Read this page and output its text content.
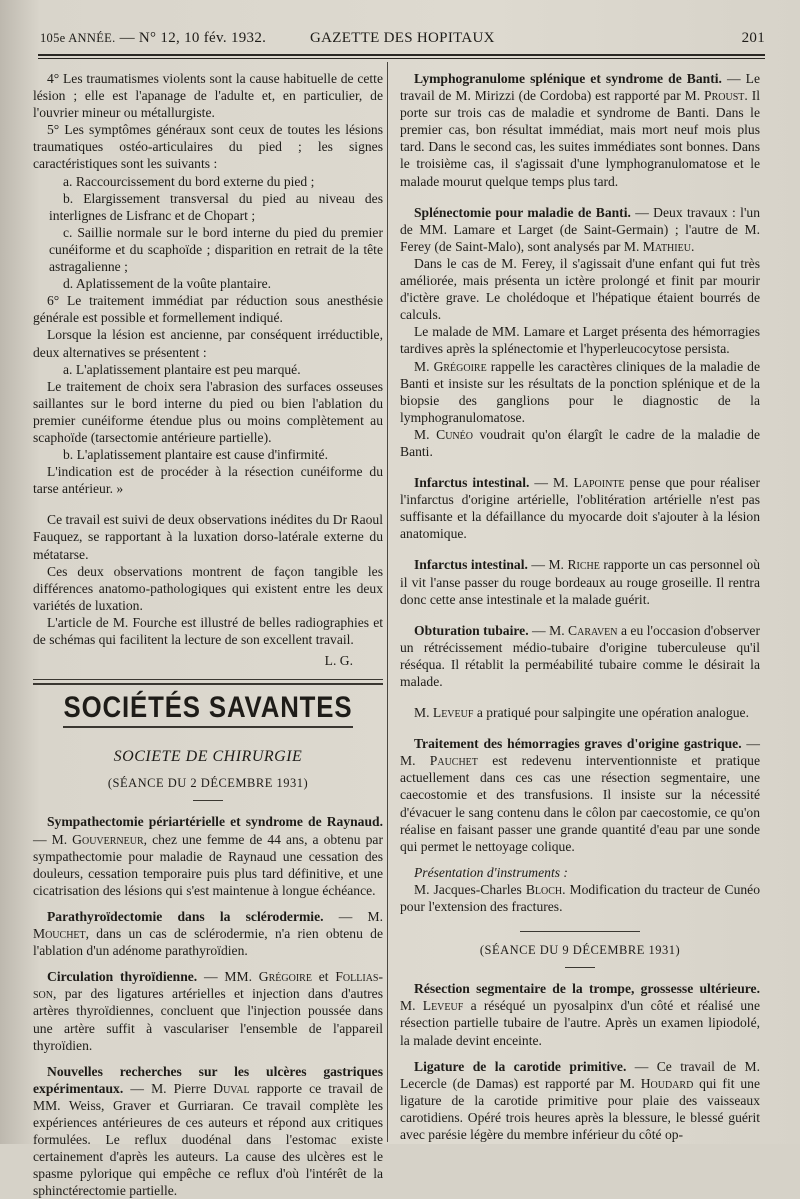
105e ANNÉE. — N° 12, 10 fév. 1932.	GAZETTE DES HOPITAUX	201

4° Les traumatismes violents sont la cause habituelle de cette lésion ; elle est l'apanage de l'adulte et, en particulier, de l'ouvrier mineur ou métallurgiste.

5° Les symptômes généraux sont ceux de toutes les lésions traumatiques ostéo-articulaires du pied ; les signes caractéristiques sont les suivants :

a. Raccourcissement du bord externe du pied ;

b. Elargissement transversal du pied au niveau des interlignes de Lisfranc et de Chopart ;

c. Saillie normale sur le bord interne du pied du premier cunéiforme et du scaphoïde ; disparition en retrait de la tête astragalienne ;

d. Aplatissement de la voûte plantaire.

6° Le traitement immédiat par réduction sous anesthésie générale est possible et formellement indiqué.

Lorsque la lésion est ancienne, par conséquent irréductible, deux alternatives se présentent :

a. L'aplatissement plantaire est peu marqué.

Le traitement de choix sera l'abrasion des surfaces osseuses saillantes sur le bord interne du pied ou bien l'ablation du premier cunéiforme étendue plus ou moins complètement au scaphoïde (tarsectomie antérieure partielle).

b. L'aplatissement plantaire est cause d'infirmité.

L'indication est de procéder à la résection cunéiforme du tarse antérieur. »

Ce travail est suivi de deux observations inédites du Dr Raoul Fauquez, se rapportant à la luxation dorso-latérale externe du métatarse.

Ces deux observations montrent de façon tangible les différences anatomo-pathologiques qui existent entre les deux variétés de luxation.

L'article de M. Fourche est illustré de belles radiographies et de schémas qui facilitent la lecture de son excellent travail.

L. G.
SOCIÉTÉS SAVANTES
SOCIETE DE CHIRURGIE
(SÉANCE DU 2 DÉCEMBRE 1931)

Sympathectomie périartérielle et syndrome de Raynaud. — M. Gouverneur, chez une femme de 44 ans, a obtenu par sympathectomie pour maladie de Raynaud une cessation des douleurs, cessation temporaire puis plus tard définitive, et une cicatrisation des lésions qui s'est maintenue à longue échéance.

Parathyroïdectomie dans la sclérodermie. — M. Mouchet, dans un cas de sclérodermie, n'a rien obtenu de l'ablation d'un adénome parathyroïdien.

Circulation thyroïdienne. — MM. Grégoire et Follias-son, par des ligatures artérielles et injection dans d'autres artères thyroïdiennes, concluent que l'injection poussée dans une artère suffit à vasculariser l'ensemble de l'appareil thyroïdien.

Nouvelles recherches sur les ulcères gastriques expérimentaux. — M. Pierre Duval rapporte ce travail de MM. Weiss, Graver et Gurriaran. Ce travail complète les expériences antérieures de ces auteurs et répond aux critiques formulées. Le reflux duodénal dans l'estomac existe certainement d'après les auteurs. La cause des ulcères est le spasme pylorique qui empêche ce reflux d'où l'intérêt de la sphinctérectomie partielle.

Lymphogranulome splénique et syndrome de Banti. — Le travail de M. Mirizzi (de Cordoba) est rapporté par M. Proust. Il porte sur trois cas de maladie et syndrome de Banti. Dans le premier cas, bon résultat immédiat, mais mort neuf mois plus tard. Dans le second cas, les suites immédiates sont bonnes. Dans le troisième cas, il s'agissait d'une lymphogranulomatose et le malade mourut quelque temps plus tard.

Splénectomie pour maladie de Banti. — Deux travaux : l'un de MM. Lamare et Larget (de Saint-Germain) ; l'autre de M. Ferey (de Saint-Malo), sont analysés par M. Mathieu.

Dans le cas de M. Ferey, il s'agissait d'une enfant qui fut très améliorée, mais présenta un ictère prolongé et finit par mourir d'ictère grave. Le cholédoque et l'hépatique étaient bourrés de calculs.

Le malade de MM. Lamare et Larget présenta des hémorragies tardives après la splénectomie et l'hyperleucocytose persista.

M. Grégoire rappelle les caractères cliniques de la maladie de Banti et insiste sur les résultats de la ponction splénique et de la biopsie des ganglions pour le diagnostic de la lymphogranulomatose.

M. Cunéo voudrait qu'on élargît le cadre de la maladie de Banti.

Infarctus intestinal. — M. Lapointe pense que pour réaliser l'infarctus d'origine artérielle, l'oblitération artérielle n'est pas suffisante et la défaillance du myocarde doit s'ajouter à la lésion anatomique.

Infarctus intestinal. — M. Riche rapporte un cas personnel où il vit l'anse passer du rouge bordeaux au rouge groseille. Il rentra donc cette anse intestinale et la malade guérit.

Obturation tubaire. — M. Caraven a eu l'occasion d'observer un rétrécissement médio-tubaire d'origine tuberculeuse qu'il réséqua. Il rétablit la perméabilité tubaire comme le désirait la malade.

M. Leveuf a pratiqué pour salpingite une opération analogue.

Traitement des hémorragies graves d'origine gastrique. — M. Pauchet est redevenu interventionniste et pratique actuellement dans ces cas une résection segmentaire, une caecostomie et des transfusions. Il insiste sur la nécessité d'évacuer le sang contenu dans le côlon par caecostomie, ce qu'on réalise en faisant passer une grande quantité d'eau par une sonde qui permet le nettoyage colique.

Présentation d'instruments :

M. Jacques-Charles Bloch. Modification du tracteur de Cunéo pour l'extension des fractures.

(SÉANCE DU 9 DÉCEMBRE 1931)

Résection segmentaire de la trompe, grossesse ultérieure. M. Leveuf a réséqué un pyosalpinx d'un côté et réalisé une résection partielle tubaire de l'autre. Après un examen lipiodolé, la malade devint enceinte.

Ligature de la carotide primitive. — Ce travail de M. Lecercle (de Damas) est rapporté par M. Houdard qui fit une ligature de la carotide primitive pour plaie des vaisseaux carotidiens. Opéré trois heures après la blessure, le blessé guérit avec parésie légère du membre inférieur du côté op-
